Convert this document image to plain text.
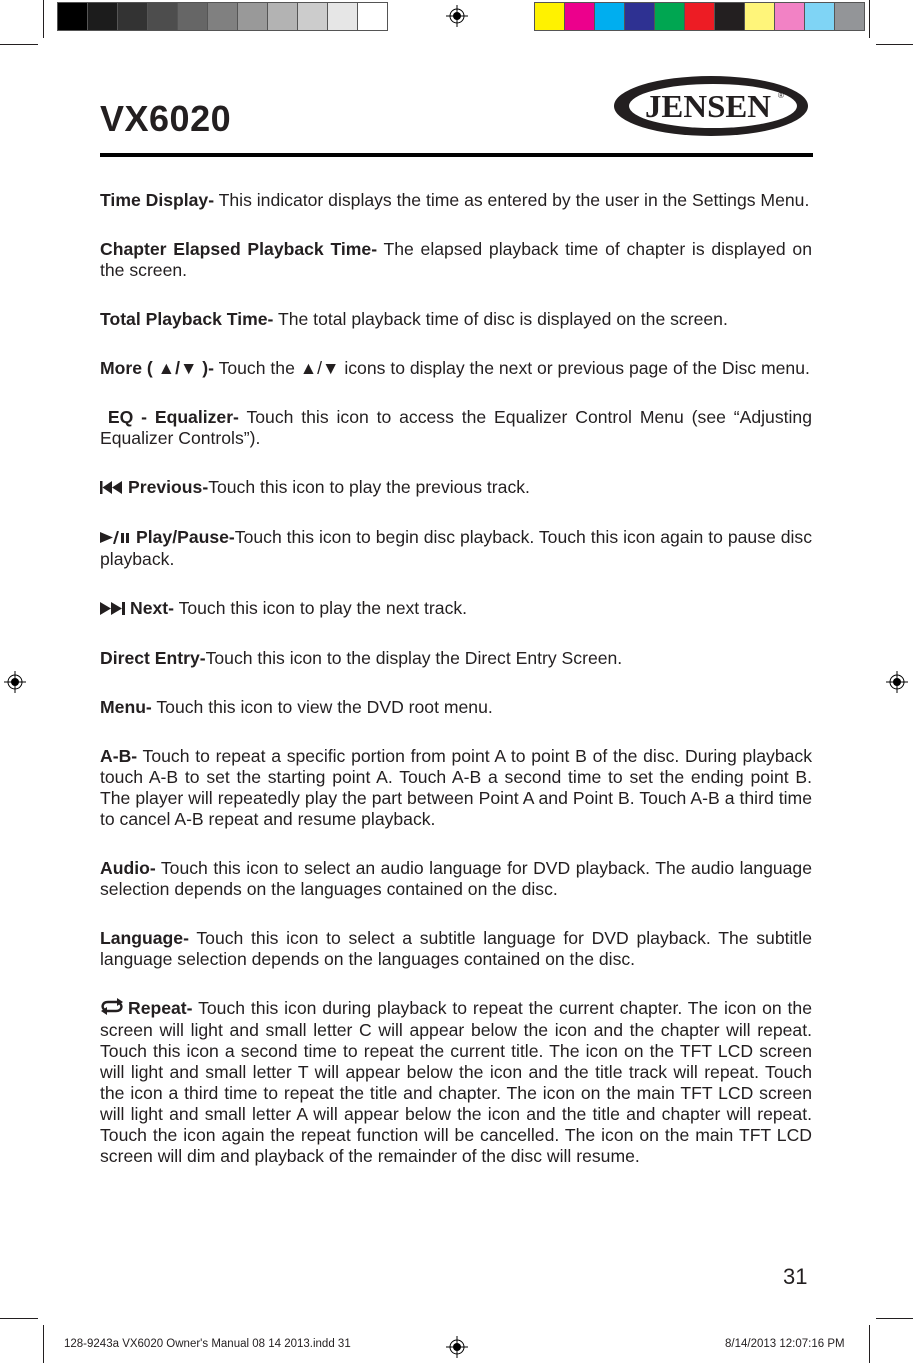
VX6020	JENSEN ®

Time Display- This indicator displays the time as entered by the user in the Settings Menu.

Chapter Elapsed Playback Time- The elapsed playback time of chapter is displayed on the screen.

Total Playback Time- The total playback time of disc is displayed on the screen.

More ( ▲/▼ )- Touch the ▲/▼ icons to display the next or previous page of the Disc menu.

EQ - Equalizer- Touch this icon to access the Equalizer Control Menu (see “Adjusting Equalizer Controls”).

Previous-Touch this icon to play the previous track.

Play/Pause-Touch this icon to begin disc playback. Touch this icon again to pause disc playback.

Next- Touch this icon to play the next track.

Direct Entry-Touch this icon to the display the Direct Entry Screen.

Menu- Touch this icon to view the DVD root menu.

A-B- Touch to repeat a specific portion from point A to point B of the disc. During playback touch A-B to set the starting point A. Touch A-B a second time to set the ending point B. The player will repeatedly play the part between Point A and Point B. Touch A-B a third time to cancel A-B repeat and resume playback.

Audio- Touch this icon to select an audio language for DVD playback. The audio language selection depends on the languages contained on the disc.

Language- Touch this icon to select a subtitle language for DVD playback. The subtitle language selection depends on the languages contained on the disc.

Repeat- Touch this icon during playback to repeat the current chapter. The icon on the screen will light and small letter C will appear below the icon and the chapter will repeat. Touch this icon a second time to repeat the current title. The icon on the TFT LCD screen will light and small letter T will appear below the icon and the title track will repeat. Touch the icon a third time to repeat the title and chapter. The icon on the main TFT LCD screen will light and small letter A will appear below the icon and the title and chapter will repeat. Touch the icon again the repeat function will be cancelled. The icon on the main TFT LCD screen will dim and playback of the remainder of the disc will resume.

31
128-9243a VX6020 Owner's Manual 08 14 2013.indd 31	8/14/2013 12:07:16 PM
